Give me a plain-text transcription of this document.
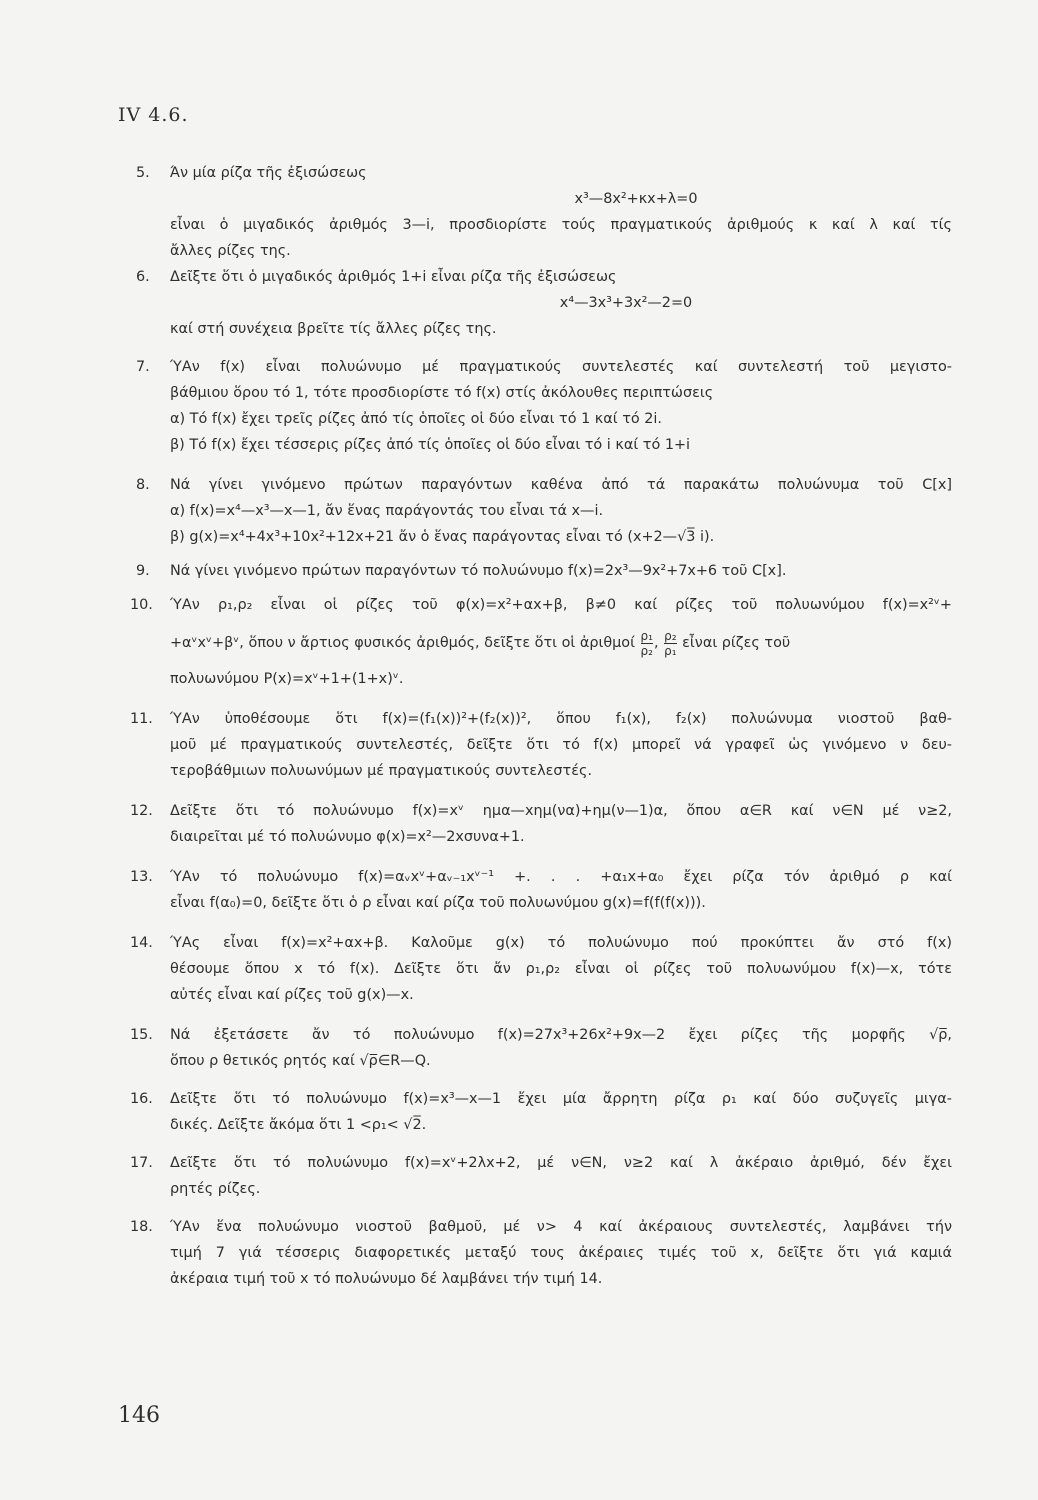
IV 4.6.
5.	Άν μία ρίζα τῆς ἐξισώσεως
x³—8x²+κx+λ=0
εἶναι ὁ μιγαδικός ἀριθμός 3—i, προσδιορίστε τούς πραγματικούς ἀριθμούς κ καί λ καί τίς
ἄλλες ρίζες της.
6.	Δεῖξτε ὅτι ὁ μιγαδικός ἀριθμός 1+i εἶναι ρίζα τῆς ἐξισώσεως
x⁴—3x³+3x²—2=0
καί στή συνέχεια βρεῖτε τίς ἄλλες ρίζες της.
7.	ΎΑν f(x) εἶναι πολυώνυμο μέ πραγματικούς συντελεστές καί συντελεστή τοῦ μεγιστο-
βάθμιου ὅρου τό 1, τότε προσδιορίστε τό f(x) στίς ἀκόλουθες περιπτώσεις
α) Τό f(x) ἔχει τρεῖς ρίζες ἀπό τίς ὁποῖες οἱ δύο εἶναι τό 1 καί τό 2i.
β) Τό f(x) ἔχει τέσσερις ρίζες ἀπό τίς ὁποῖες οἱ δύο εἶναι τό i καί τό 1+i
8.	Νά γίνει γινόμενο πρώτων παραγόντων καθένα ἀπό τά παρακάτω πολυώνυμα τοῦ C[x]
α) f(x)=x⁴—x³—x—1, ἄν ἕνας παράγοντάς του εἶναι τά x—i.
β) g(x)=x⁴+4x³+10x²+12x+21 ἄν ὁ ἕνας παράγοντας εἶναι τό (x+2—√3̅ i).
9.	Νά γίνει γινόμενο πρώτων παραγόντων τό πολυώνυμο f(x)=2x³—9x²+7x+6 τοῦ C[x].
10.	ΎΑν ρ₁,ρ₂ εἶναι οἱ ρίζες τοῦ φ(x)=x²+αx+β, β≠0 καί ρίζες τοῦ πολυωνύμου f(x)=x²ᵛ+
+αᵛxᵛ+βᵛ, ὅπου ν ἄρτιος φυσικός ἀριθμός, δεῖξτε ὅτι οἱ ἀριθμοί $\frac{\text{ρ₁}}{\text{ρ₂}}$ , $\frac{\text{ρ₂}}{\text{ρ₁}}$ εἶναι ρίζες τοῦ
πολυωνύμου P(x)=xᵛ+1+(1+x)ᵛ.
11.	ΎΑν ὑποθέσουμε ὅτι f(x)=(f₁(x))²+(f₂(x))², ὅπου f₁(x), f₂(x) πολυώνυμα νιοστοῦ βαθ-
μοῦ μέ πραγματικούς συντελεστές, δεῖξτε ὅτι τό f(x) μπορεῖ νά γραφεῖ ὡς γινόμενο ν δευ-
τεροβάθμιων πολυωνύμων μέ πραγματικούς συντελεστές.
12.	Δεῖξτε ὅτι τό πολυώνυμο f(x)=xᵛ ημα—xημ(να)+ημ(ν—1)α, ὅπου α∈R καί ν∈N μέ ν≥2,
διαιρεῖται μέ τό πολυώνυμο φ(x)=x²—2xσυνα+1.
13.	ΎΑν τό πολυώνυμο f(x)=αᵥxᵛ+αᵥ₋₁xᵛ⁻¹ +. . . +α₁x+α₀ ἔχει ρίζα τόν ἀριθμό ρ καί
εἶναι f(α₀)=0, δεῖξτε ὅτι ὁ ρ εἶναι καί ρίζα τοῦ πολυωνύμου g(x)=f(f(f(x))).
14.	ΎΑς εἶναι f(x)=x²+αx+β. Καλοῦμε g(x) τό πολυώνυμο πού προκύπτει ἄν στό f(x)
θέσουμε ὅπου x τό f(x). Δεῖξτε ὅτι ἄν ρ₁,ρ₂ εἶναι οἱ ρίζες τοῦ πολυωνύμου f(x)—x, τότε
αὐτές εἶναι καί ρίζες τοῦ g(x)—x.
15.	Νά ἐξετάσετε ἄν τό πολυώνυμο f(x)=27x³+26x²+9x—2 ἔχει ρίζες τῆς μορφῆς √ρ̅,
ὅπου ρ θετικός ρητός καί √ρ̅∈R—Q.
16.	Δεῖξτε ὅτι τό πολυώνυμο f(x)=x³—x—1 ἔχει μία ἄρρητη ρίζα ρ₁ καί δύο συζυγεῖς μιγα-
δικές. Δεῖξτε ἄκόμα ὅτι 1 <ρ₁< √2̅.
17.	Δεῖξτε ὅτι τό πολυώνυμο f(x)=xᵛ+2λx+2, μέ ν∈N, ν≥2 καί λ ἀκέραιο ἀριθμό, δέν ἔχει
ρητές ρίζες.
18.	ΎΑν ἕνα πολυώνυμο νιοστοῦ βαθμοῦ, μέ ν> 4 καί ἀκέραιους συντελεστές, λαμβάνει τήν
τιμή 7 γιά τέσσερις διαφορετικές μεταξύ τους ἀκέραιες τιμές τοῦ x, δεῖξτε ὅτι γιά καμιά
ἀκέραια τιμή τοῦ x τό πολυώνυμο δέ λαμβάνει τήν τιμή 14.
146
